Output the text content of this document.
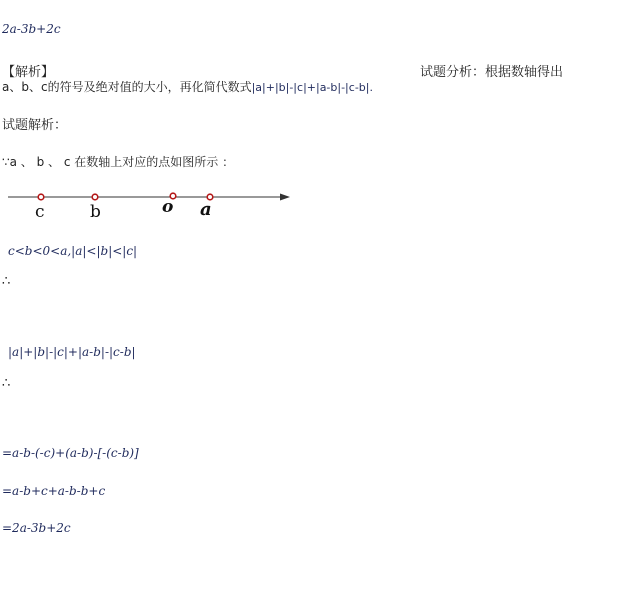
2a-3b+2c
【解析】	试题分析：根据数轴得出
a、b、c的符号及绝对值的大小，再化简代数式|a|+|b|-|c|+|a-b|-|c-b|.
试题解析：
∵a 、 b 、 c 在数轴上对应的点如图所示 ：
c	b	o a
c<b<0<a,|a|<|b|<|c|
∴
|a|+|b|-|c|+|a-b|-|c-b|
∴
=a-b-(-c)+(a-b)-[-(c-b)]
=a-b+c+a-b-b+c
=2a-3b+2c
